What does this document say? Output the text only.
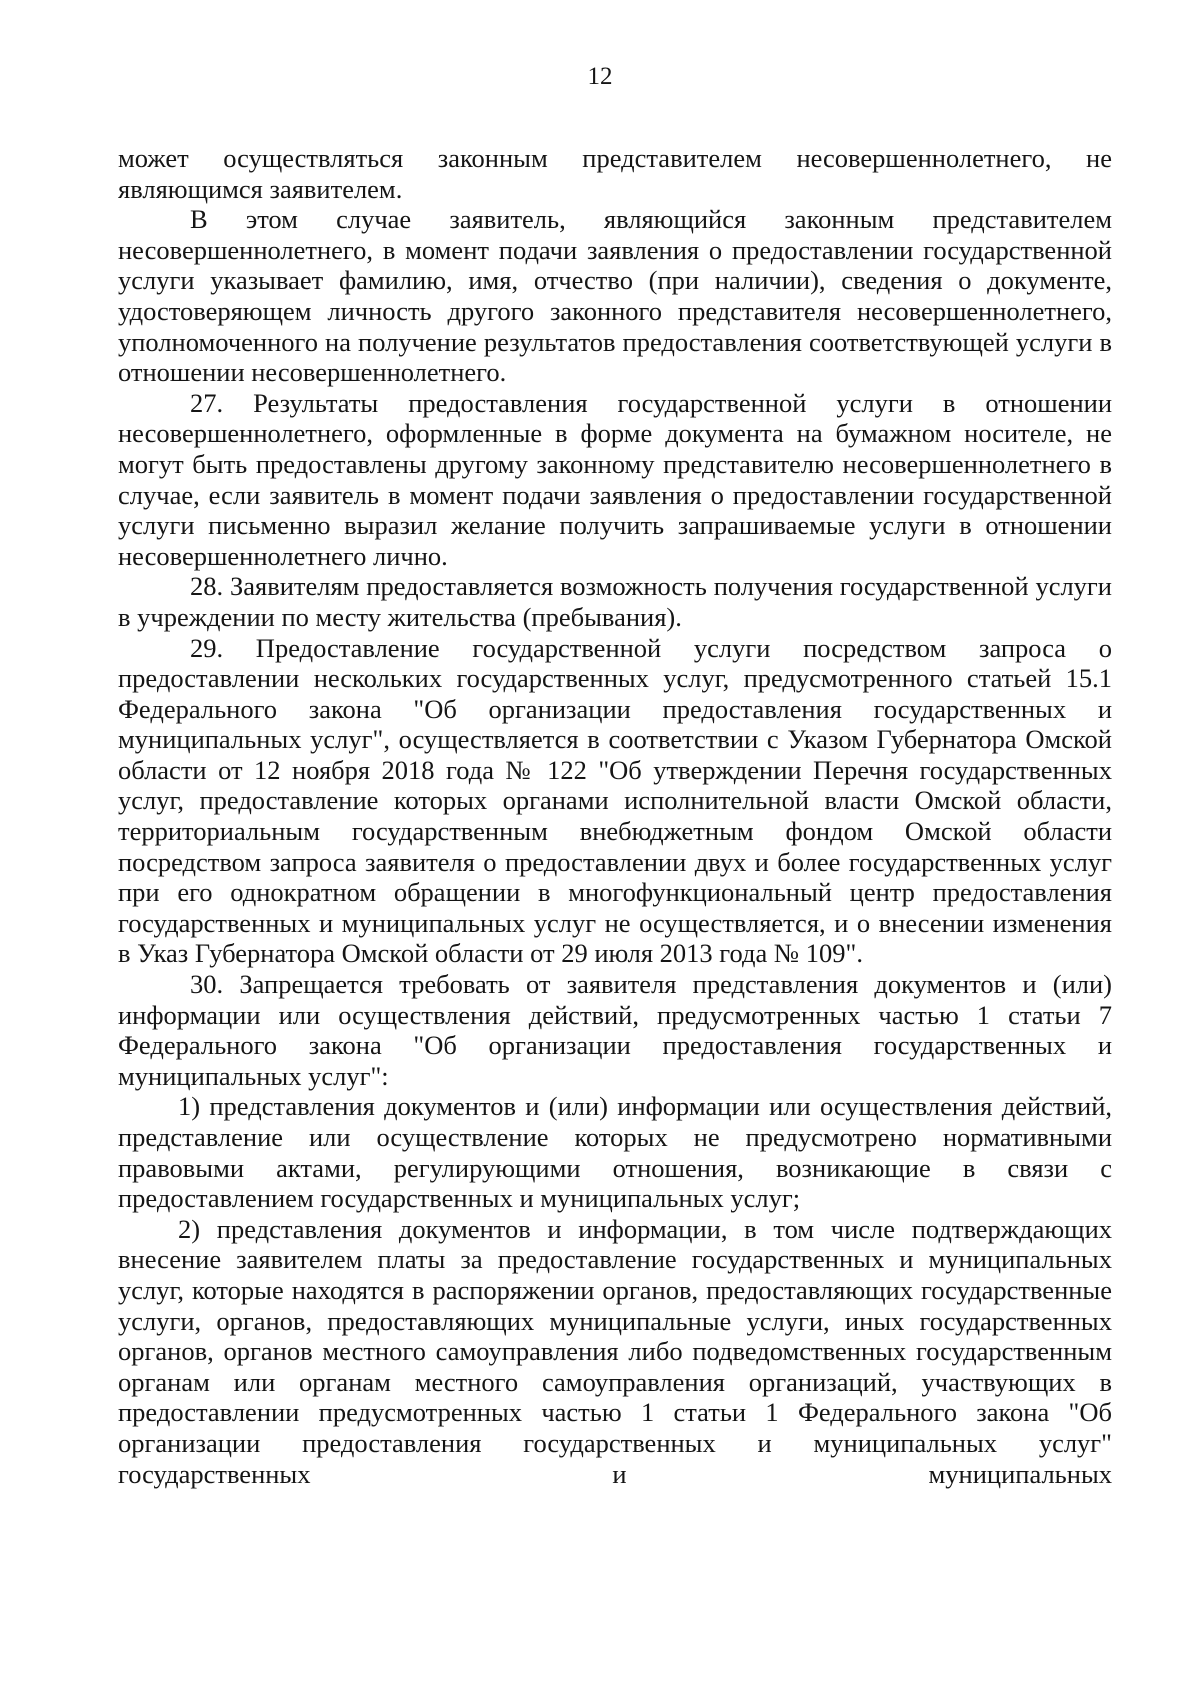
12

может осуществляться законным представителем несовершеннолетнего, не являющимся заявителем.

В этом случае заявитель, являющийся законным представителем несовершеннолетнего, в момент подачи заявления о предоставлении государственной услуги указывает фамилию, имя, отчество (при наличии), сведения о документе, удостоверяющем личность другого законного представителя несовершеннолетнего, уполномоченного на получение результатов предоставления соответствующей услуги в отношении несовершеннолетнего.

27. Результаты предоставления государственной услуги в отношении несовершеннолетнего, оформленные в форме документа на бумажном носителе, не могут быть предоставлены другому законному представителю несовершеннолетнего в случае, если заявитель в момент подачи заявления о предоставлении государственной услуги письменно выразил желание получить запрашиваемые услуги в отношении несовершеннолетнего лично.

28. Заявителям предоставляется возможность получения государственной услуги в учреждении по месту жительства (пребывания).

29. Предоставление государственной услуги посредством запроса о предоставлении нескольких государственных услуг, предусмотренного статьей 15.1 Федерального закона "Об организации предоставления государственных и муниципальных услуг", осуществляется в соответствии с Указом Губернатора Омской области от 12 ноября 2018 года № 122 "Об утверждении Перечня государственных услуг, предоставление которых органами исполнительной власти Омской области, территориальным государственным внебюджетным фондом Омской области посредством запроса заявителя о предоставлении двух и более государственных услуг при его однократном обращении в многофункциональный центр предоставления государственных и муниципальных услуг не осуществляется, и о внесении изменения в Указ Губернатора Омской области от 29 июля 2013 года № 109".

30. Запрещается требовать от заявителя представления документов и (или) информации или осуществления действий, предусмотренных частью 1 статьи 7 Федерального закона "Об организации предоставления государственных и муниципальных услуг":

1) представления документов и (или) информации или осуществления действий, представление или осуществление которых не предусмотрено нормативными правовыми актами, регулирующими отношения, возникающие в связи с предоставлением государственных и муниципальных услуг;

2) представления документов и информации, в том числе подтверждающих внесение заявителем платы за предоставление государственных и муниципальных услуг, которые находятся в распоряжении органов, предоставляющих государственные услуги, органов, предоставляющих муниципальные услуги, иных государственных органов, органов местного самоуправления либо подведомственных государственным органам или органам местного самоуправления организаций, участвующих в предоставлении предусмотренных частью 1 статьи 1 Федерального закона "Об организации предоставления государственных и муниципальных услуг" государственных и муниципальных
